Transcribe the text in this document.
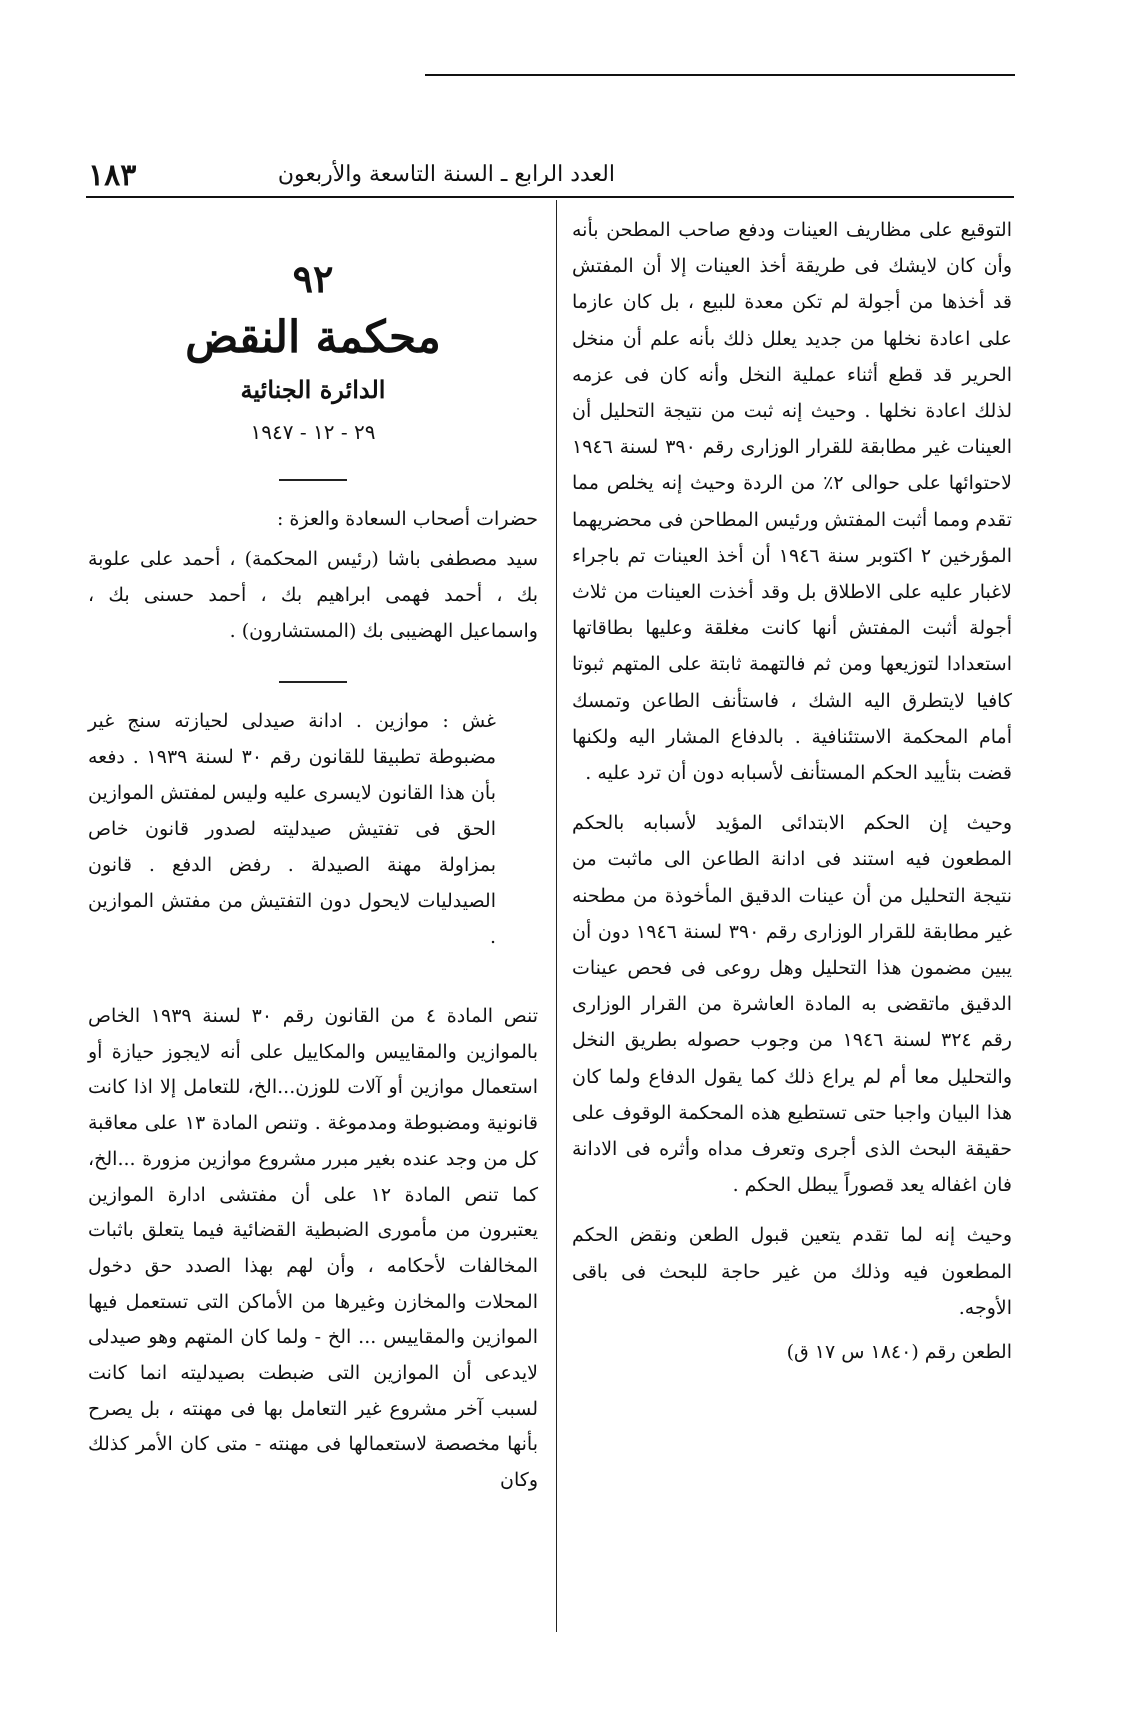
١٨٣	العدد الرابع ـ السنة التاسعة والأربعون

التوقيع على مظاريف العينات ودفع صاحب المطحن بأنه وأن كان لايشك فى طريقة أخذ العينات إلا أن المفتش قد أخذها من أجولة لم تكن معدة للبيع ، بل كان عازما على اعادة نخلها من جديد يعلل ذلك بأنه علم أن منخل الحرير قد قطع أثناء عملية النخل وأنه كان فى عزمه لذلك اعادة نخلها . وحيث إنه ثبت من نتيجة التحليل أن العينات غير مطابقة للقرار الوزارى رقم ٣٩٠ لسنة ١٩٤٦ لاحتوائها على حوالى ٢٪ من الردة وحيث إنه يخلص مما تقدم ومما أثبت المفتش ورئيس المطاحن فى محضريهما المؤرخين ٢ اكتوبر سنة ١٩٤٦ أن أخذ العينات تم باجراء لاغبار عليه على الاطلاق بل وقد أخذت العينات من ثلاث أجولة أثبت المفتش أنها كانت مغلقة وعليها بطاقاتها استعدادا لتوزيعها ومن ثم فالتهمة ثابتة على المتهم ثبوتا كافيا لايتطرق اليه الشك ، فاستأنف الطاعن وتمسك أمام المحكمة الاستئنافية . بالدفاع المشار اليه ولكنها قضت بتأييد الحكم المستأنف لأسبابه دون أن ترد عليه .

وحيث إن الحكم الابتدائى المؤيد لأسبابه بالحكم المطعون فيه استند فى ادانة الطاعن الى ماثبت من نتيجة التحليل من أن عينات الدقيق المأخوذة من مطحنه غير مطابقة للقرار الوزارى رقم ٣٩٠ لسنة ١٩٤٦ دون أن يبين مضمون هذا التحليل وهل روعى فى فحص عينات الدقيق ماتقضى به المادة العاشرة من القرار الوزارى رقم ٣٢٤ لسنة ١٩٤٦ من وجوب حصوله بطريق النخل والتحليل معا أم لم يراع ذلك كما يقول الدفاع ولما كان هذا البيان واجبا حتى تستطيع هذه المحكمة الوقوف على حقيقة البحث الذى أجرى وتعرف مداه وأثره فى الادانة فان اغفاله يعد قصوراً يبطل الحكم .

وحيث إنه لما تقدم يتعين قبول الطعن ونقض الحكم المطعون فيه وذلك من غير حاجة للبحث فى باقى الأوجه.

الطعن رقم (١٨٤٠ س ١٧ ق)

٩٢

محكمة النقض

الدائرة الجنائية

٢٩ - ١٢ - ١٩٤٧

حضرات أصحاب السعادة والعزة :

سيد مصطفى باشا (رئيس المحكمة) ، أحمد على علوبة بك ، أحمد فهمى ابراهيم بك ، أحمد حسنى بك ، واسماعيل الهضيبى بك (المستشارون) .

غش : موازين . ادانة صيدلى لحيازته سنج غير مضبوطة تطبيقا للقانون رقم ٣٠ لسنة ١٩٣٩ . دفعه بأن هذا القانون لايسرى عليه وليس لمفتش الموازين الحق فى تفتيش صيدليته لصدور قانون خاص بمزاولة مهنة الصيدلة . رفض الدفع . قانون الصيدليات لايحول دون التفتيش من مفتش الموازين .

تنص المادة ٤ من القانون رقم ٣٠ لسنة ١٩٣٩ الخاص بالموازين والمقاييس والمكاييل على أنه لايجوز حيازة أو استعمال موازين أو آلات للوزن...الخ، للتعامل إلا اذا كانت قانونية ومضبوطة ومدموغة . وتنص المادة ١٣ على معاقبة كل من وجد عنده بغير مبرر مشروع موازين مزورة ...الخ، كما تنص المادة ١٢ على أن مفتشى ادارة الموازين يعتبرون من مأمورى الضبطية القضائية فيما يتعلق باثبات المخالفات لأحكامه ، وأن لهم بهذا الصدد حق دخول المحلات والمخازن وغيرها من الأماكن التى تستعمل فيها الموازين والمقاييس ... الخ - ولما كان المتهم وهو صيدلى لايدعى أن الموازين التى ضبطت بصيدليته انما كانت لسبب آخر مشروع غير التعامل بها فى مهنته ، بل يصرح بأنها مخصصة لاستعمالها فى مهنته - متى كان الأمر كذلك وكان
